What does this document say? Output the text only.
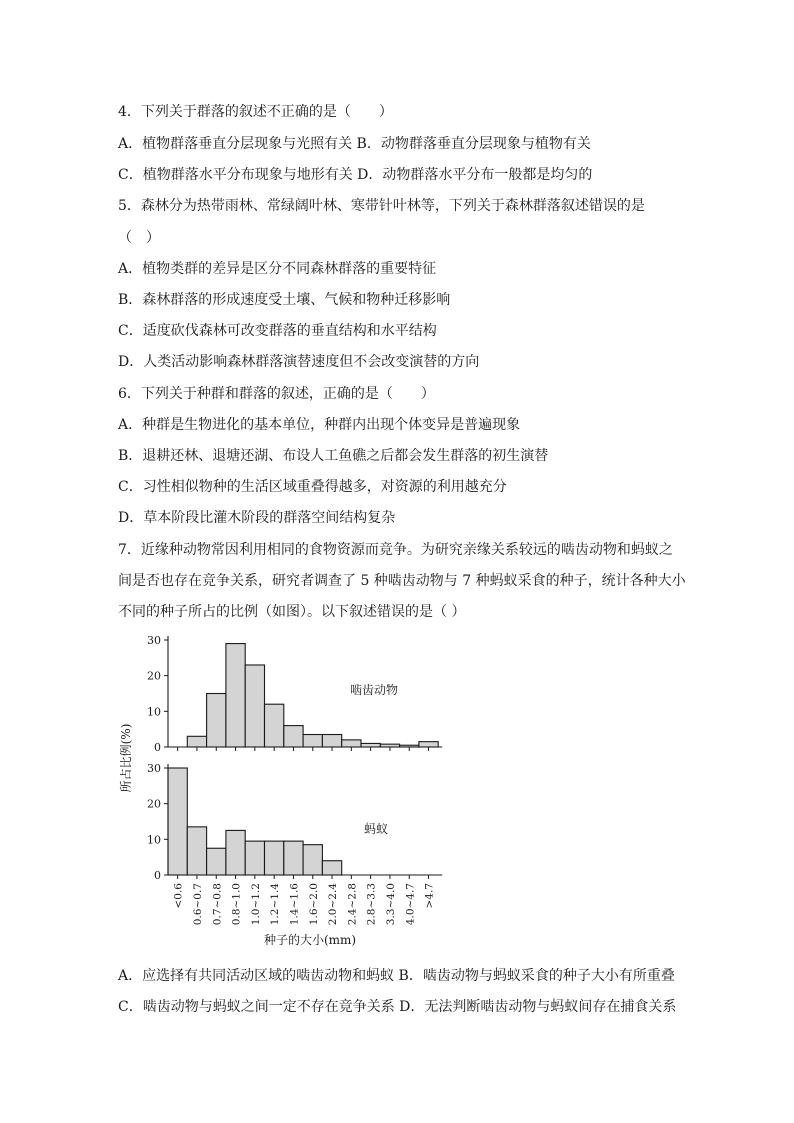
4．下列关于群落的叙述不正确的是（　　）
A．植物群落垂直分层现象与光照有关 B．动物群落垂直分层现象与植物有关
C．植物群落水平分布现象与地形有关 D．动物群落水平分布一般都是均匀的
5．森林分为热带雨林、常绿阔叶林、寒带针叶林等，下列关于森林群落叙述错误的是
（　）
A．植物类群的差异是区分不同森林群落的重要特征
B．森林群落的形成速度受土壤、气候和物种迁移影响
C．适度砍伐森林可改变群落的垂直结构和水平结构
D．人类活动影响森林群落演替速度但不会改变演替的方向
6．下列关于种群和群落的叙述，正确的是（　　）
A．种群是生物进化的基本单位，种群内出现个体变异是普遍现象
B．退耕还林、退塘还湖、布设人工鱼礁之后都会发生群落的初生演替
C．习性相似物种的生活区域重叠得越多，对资源的利用越充分
D．草本阶段比灌木阶段的群落空间结构复杂
7．近缘种动物常因利用相同的食物资源而竞争。为研究亲缘关系较远的啮齿动物和蚂蚁之
间是否也存在竞争关系，研究者调查了 5 种啮齿动物与 7 种蚂蚁采食的种子，统计各种大小
不同的种子所占的比例（如图）。以下叙述错误的是（ ）
0
10
20
30
啮齿动物
0
10
20
30
蚂蚁
<0.6 0.6~0.7 0.7~0.8 0.8~1.0 1.0~1.2 1.2~1.4 1.4~1.6 1.6~2.0 2.0~2.4 2.4~2.8 2.8~3.3 3.3~4.0 4.0~4.7 >4.7
所占比例(%)
种子的大小(mm)
A．应选择有共同活动区域的啮齿动物和蚂蚁 B．啮齿动物与蚂蚁采食的种子大小有所重叠
C．啮齿动物与蚂蚁之间一定不存在竞争关系 D．无法判断啮齿动物与蚂蚁间存在捕食关系
